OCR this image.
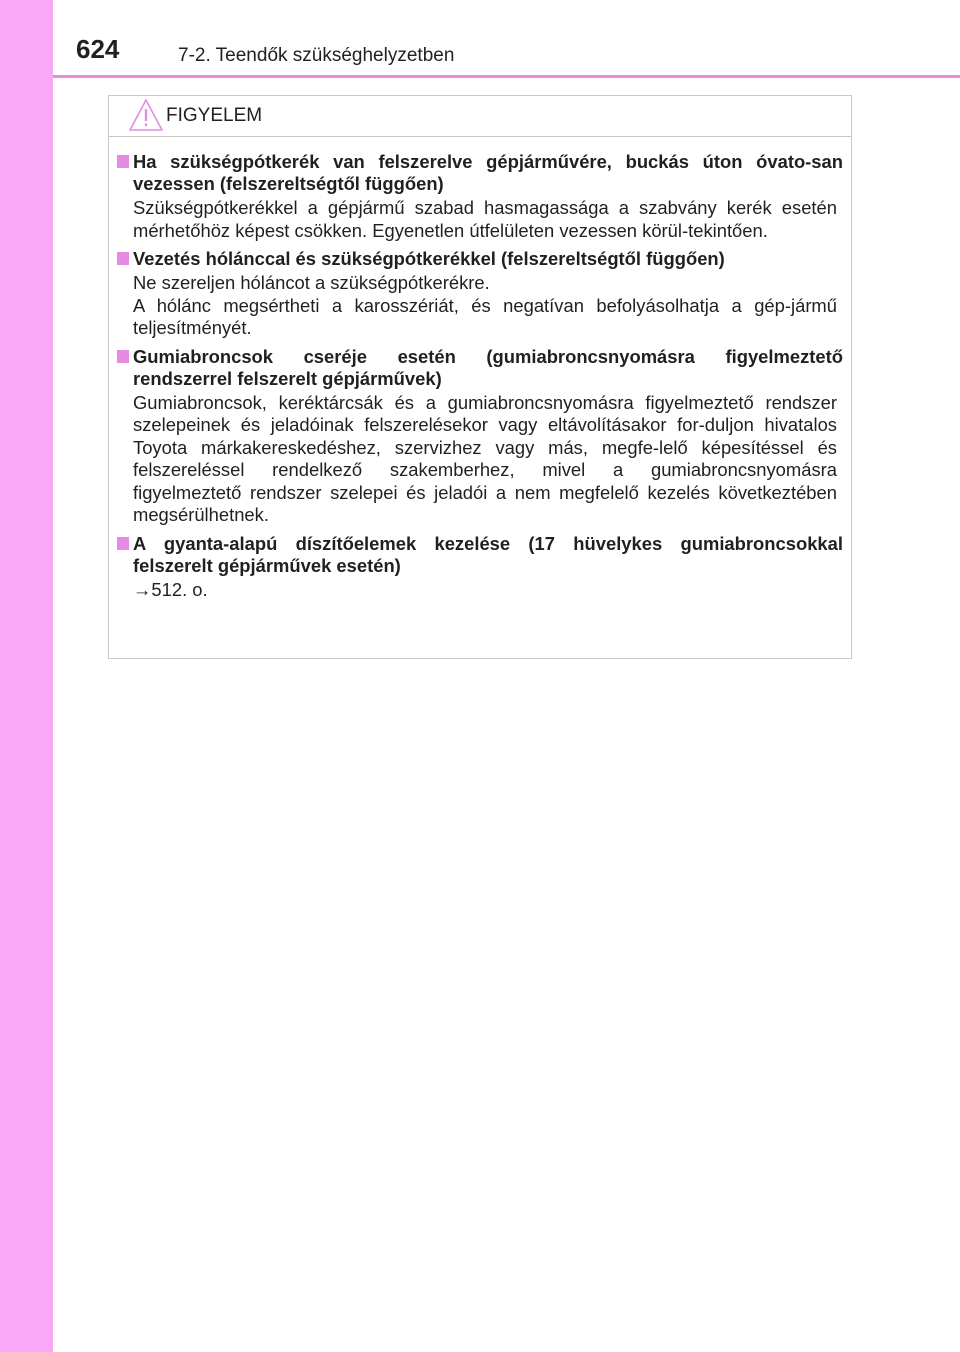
624	7-2. Teendők szükséghelyzetben
FIGYELEM
Ha szükségpótkerék van felszerelve gépjárművére, buckás úton óvato-san vezessen (felszereltségtől függően)

Szükségpótkerékkel a gépjármű szabad hasmagassága a szabvány kerék esetén mérhetőhöz képest csökken. Egyenetlen útfelületen vezessen körül-tekintően.

Vezetés hólánccal és szükségpótkerékkel (felszereltségtől függően)

Ne szereljen hóláncot a szükségpótkerékre.

A hólánc megsértheti a karosszériát, és negatívan befolyásolhatja a gép-jármű teljesítményét.

Gumiabroncsok cseréje esetén (gumiabroncsnyomásra figyelmeztető rendszerrel felszerelt gépjárművek)

Gumiabroncsok, keréktárcsák és a gumiabroncsnyomásra figyelmeztető rendszer szelepeinek és jeladóinak felszerelésekor vagy eltávolításakor for-duljon hivatalos Toyota márkakereskedéshez, szervizhez vagy más, megfe-lelő képesítéssel és felszereléssel rendelkező szakemberhez, mivel a gumiabroncsnyomásra figyelmeztető rendszer szelepei és jeladói a nem megfelelő kezelés következtében megsérülhetnek.

A gyanta-alapú díszítőelemek kezelése (17 hüvelykes gumiabroncsokkal felszerelt gépjárművek esetén)

→512. o.
